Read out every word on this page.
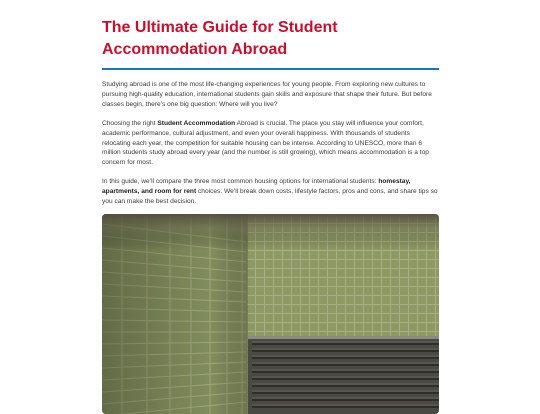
The Ultimate Guide for Student Accommodation Abroad

Studying abroad is one of the most life-changing experiences for young people. From exploring new cultures to pursuing high-quality education, international students gain skills and exposure that shape their future. But before classes begin, there’s one big question: Where will you live?

Choosing the right Student Accommodation Abroad is crucial. The place you stay will influence your comfort, academic performance, cultural adjustment, and even your overall happiness. With thousands of students relocating each year, the competition for suitable housing can be intense. According to UNESCO, more than 6 million students study abroad every year (and the number is still growing), which means accommodation is a top concern for most.

In this guide, we’ll compare the three most common housing options for international students: homestay, apartments, and room for rent choices. We’ll break down costs, lifestyle factors, pros and cons, and share tips so you can make the best decision.
